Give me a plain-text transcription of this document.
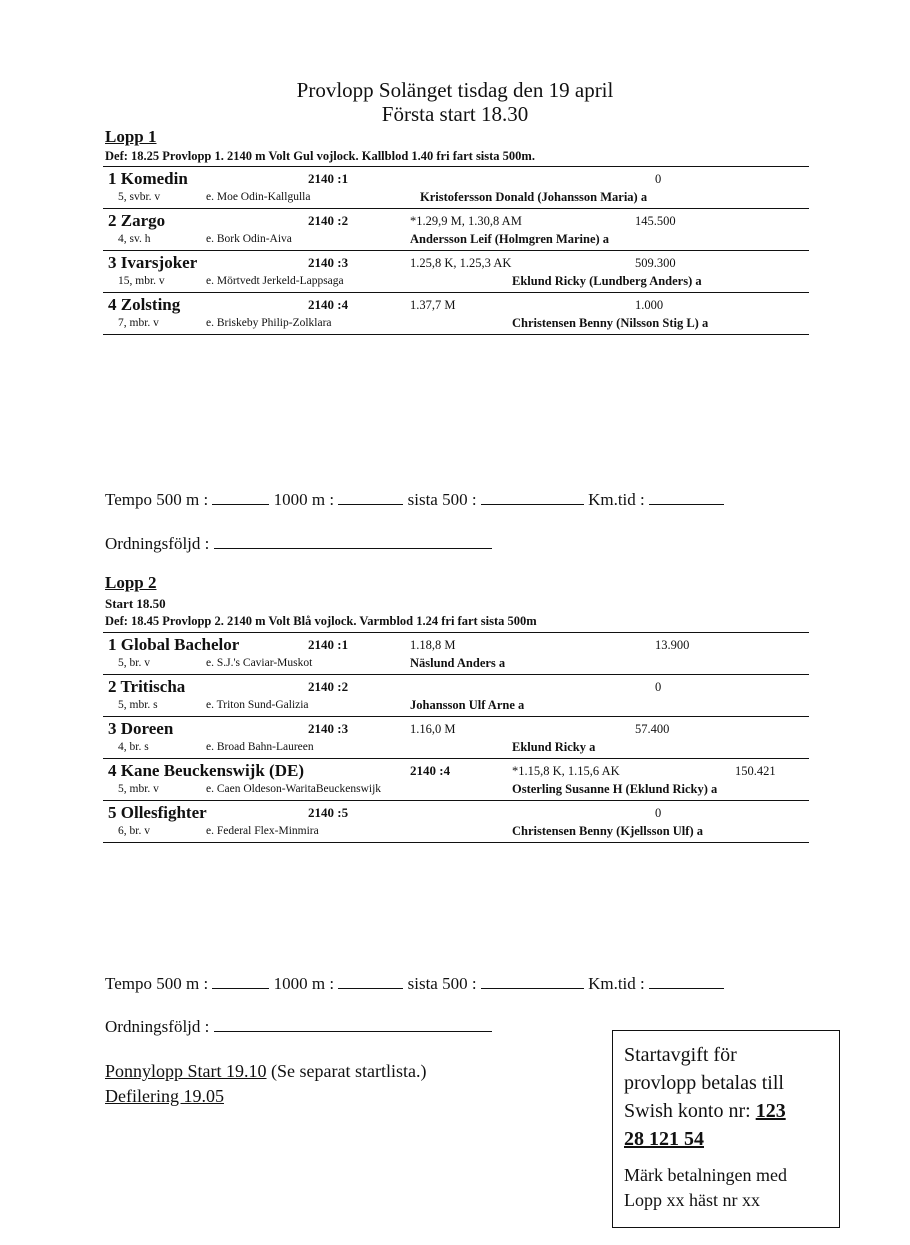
Provlopp Solänget tisdag den 19 april
Första start 18.30
Lopp 1
Def: 18.25 Provlopp 1. 2140 m Volt Gul vojlock. Kallblod 1.40 fri fart sista 500m.
1 Komedin	2140 :1	0
5, svbr. v	e. Moe Odin-Kallgulla	Kristofersson Donald (Johansson Maria) a
2 Zargo	2140 :2	*1.29,9 M, 1.30,8 AM	145.500
4, sv. h	e. Bork Odin-Aiva	Andersson Leif (Holmgren Marine) a
3 Ivarsjoker	2140 :3	1.25,8 K, 1.25,3 AK	509.300
15, mbr. v	e. Mörtvedt Jerkeld-Lappsaga	Eklund Ricky (Lundberg Anders) a
4 Zolsting	2140 :4	1.37,7 M	1.000
7, mbr. v	e. Briskeby Philip-Zolklara	Christensen Benny (Nilsson Stig L) a
Tempo 500 m :	1000 m :	sista 500 :	Km.tid :
Ordningsföljd :
Lopp 2
Start 18.50
Def: 18.45 Provlopp 2. 2140 m Volt Blå vojlock. Varmblod 1.24 fri fart sista 500m
1 Global Bachelor	2140 :1	1.18,8 M	13.900
5, br. v	e. S.J.'s Caviar-Muskot	Näslund Anders a
2 Tritischa	2140 :2	0
5, mbr. s	e. Triton Sund-Galizia	Johansson Ulf Arne a
3 Doreen	2140 :3	1.16,0 M	57.400
4, br. s	e. Broad Bahn-Laureen	Eklund Ricky a
4 Kane Beuckenswijk (DE)	2140 :4	*1.15,8 K, 1.15,6 AK	150.421
5, mbr. v	e. Caen Oldeson-WaritaBeuckenswijk	Osterling Susanne H (Eklund Ricky) a
5 Ollesfighter	2140 :5	0
6, br. v	e. Federal Flex-Minmira	Christensen Benny (Kjellsson Ulf) a
Tempo 500 m :	1000 m :	sista 500 :	Km.tid :
Ordningsföljd :
Ponnylopp Start 19.10 (Se separat startlista.)
Defilering 19.05
Startavgift för
provlopp betalas till
Swish konto nr: 123
28 121 54
Märk betalningen med
Lopp xx häst nr xx
